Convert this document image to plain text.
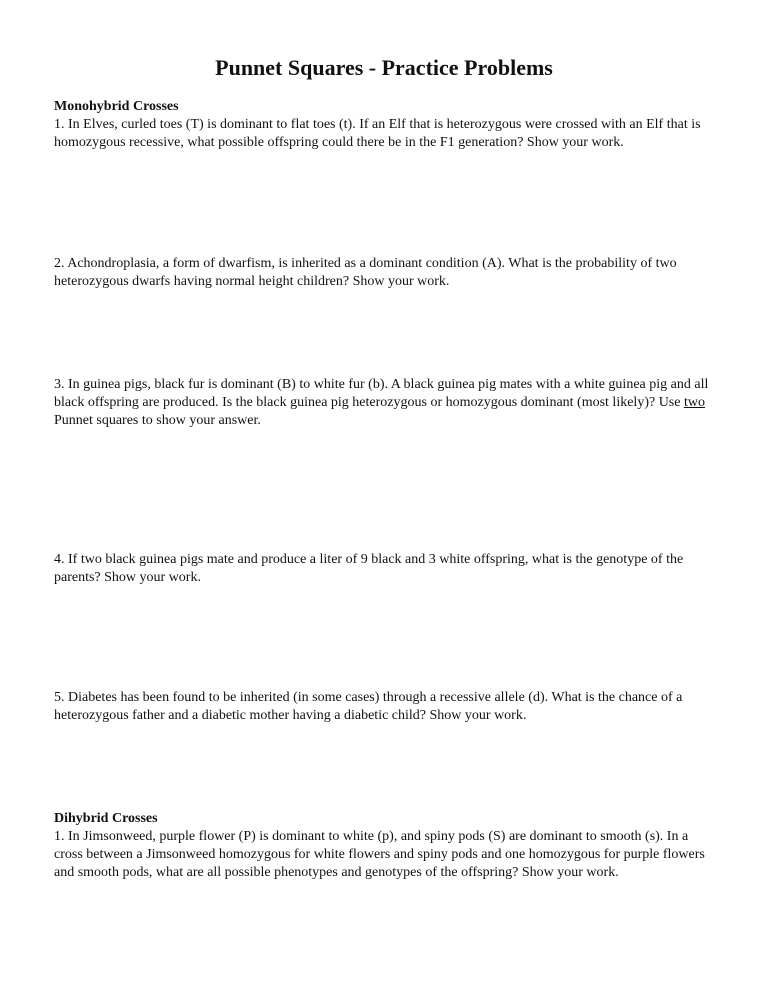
Punnet Squares - Practice Problems
Monohybrid Crosses
1. In Elves, curled toes (T) is dominant to flat toes (t). If an Elf that is heterozygous were crossed with an Elf that is homozygous recessive, what possible offspring could there be in the F1 generation? Show your work.
2. Achondroplasia, a form of dwarfism, is inherited as a dominant condition (A). What is the probability of two heterozygous dwarfs having normal height children? Show your work.
3. In guinea pigs, black fur is dominant (B) to white fur (b). A black guinea pig mates with a white guinea pig and all black offspring are produced. Is the black guinea pig heterozygous or homozygous dominant (most likely)? Use two Punnet squares to show your answer.
4. If two black guinea pigs mate and produce a liter of 9 black and 3 white offspring, what is the genotype of the parents? Show your work.
5. Diabetes has been found to be inherited (in some cases) through a recessive allele (d). What is the chance of a heterozygous father and a diabetic mother having a diabetic child? Show your work.
Dihybrid Crosses
1. In Jimsonweed, purple flower (P) is dominant to white (p), and spiny pods (S) are dominant to smooth (s). In a cross between a Jimsonweed homozygous for white flowers and spiny pods and one homozygous for purple flowers and smooth pods, what are all possible phenotypes and genotypes of the offspring? Show your work.
